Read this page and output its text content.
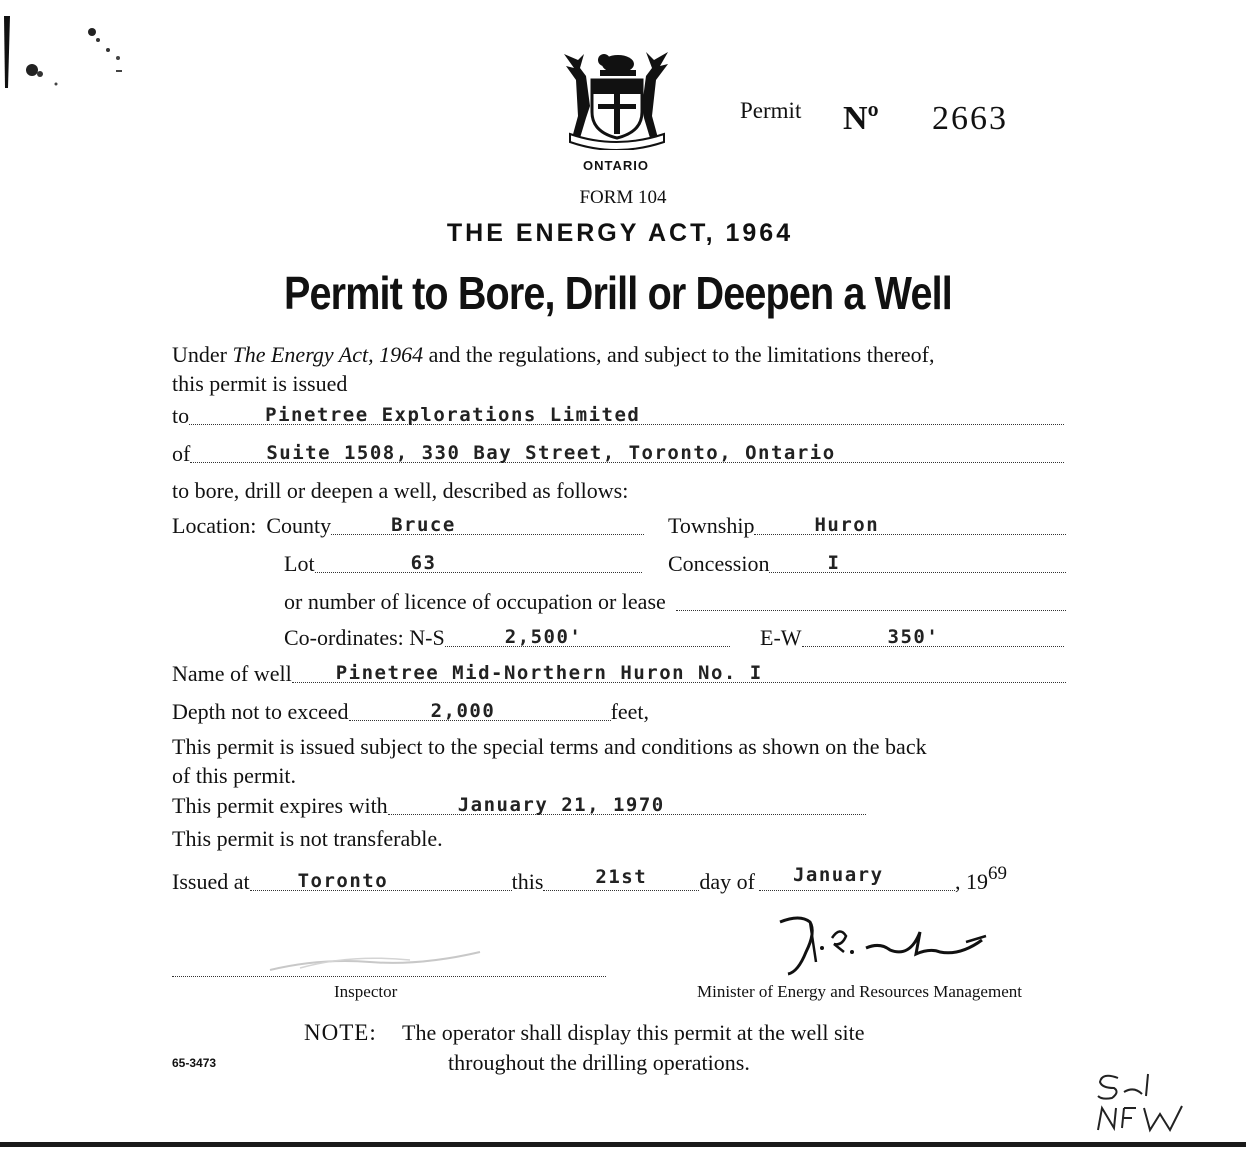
ONTARIO
Permit Nº 2663
FORM 104
THE ENERGY ACT, 1964
Permit to Bore, Drill or Deepen a Well
Under The Energy Act, 1964 and the regulations, and subject to the limitations thereof,
this permit is issued
to	Pinetree Explorations Limited
of	Suite 1508, 330 Bay Street, Toronto, Ontario
to bore, drill or deepen a well, described as follows:
Location: County	Bruce	Township	Huron
Lot	63	Concession	I
or number of licence of occupation or lease
Co-ordinates: N-S	2,500'	E-W	350'
Name of well Pinetree Mid-Northern Huron No. I
Depth not to exceed	2,000	feet,
This permit is issued subject to the special terms and conditions as shown on the back
of this permit.
This permit expires with	January 21, 1970
This permit is not transferable.
Issued at	Toronto	this	21st day of January	, 19 69
Inspector	Minister of Energy and Resources Management
NOTE: The operator shall display this permit at the well site
throughout the drilling operations.
65-3473
